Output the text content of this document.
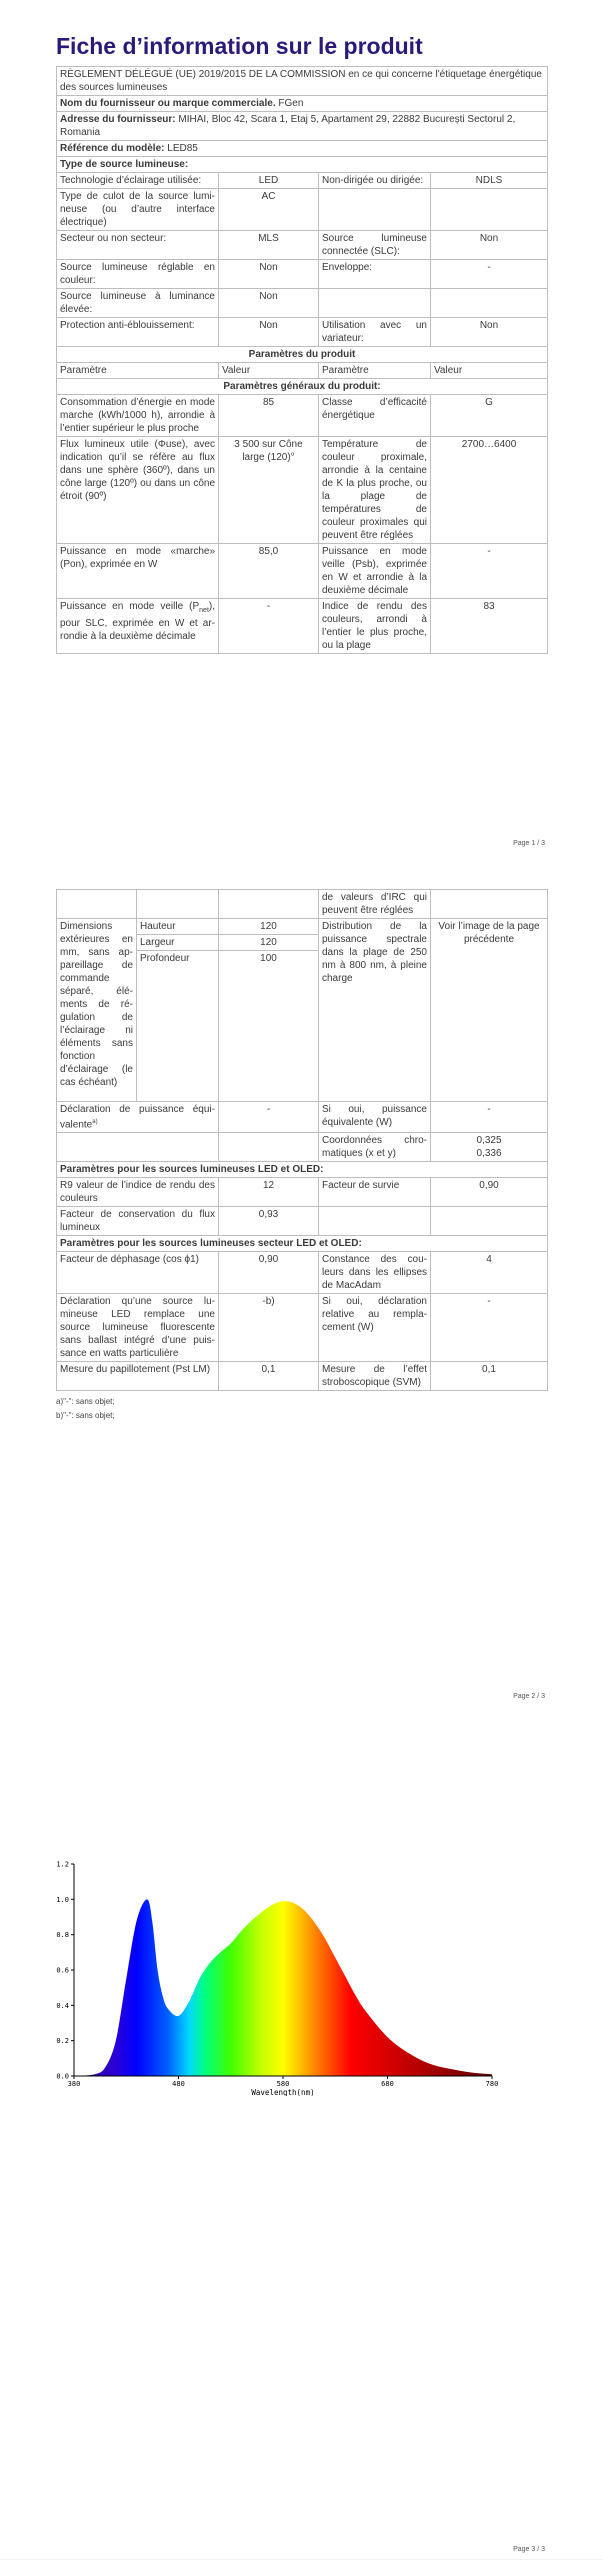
Fiche d’information sur le produit
RÈGLEMENT DÉLÉGUÉ (UE) 2019/2015 DE LA COMMISSION en ce qui concerne l'étiquetage énergétique des sources lumineuses			
Nom du fournisseur ou marque commerciale. FGen			
Adresse du fournisseur: MIHAI, Bloc 42, Scara 1, Etaj 5, Apartament 29, 22882 București Sectorul 2, Romania			
Référence du modèle: LED85			
Type de source lumineuse:			
Technologie d’éclairage utilisée:	LED	Non-dirigée ou dirigée:	NDLS
Type de culot de la source lumineuse (ou d’autre interface électrique)	AC		
Secteur ou non secteur:	MLS	Source lumineuse connectée (SLC):	Non
Source lumineuse réglable en couleur:	Non	Enveloppe:	-
Source lumineuse à luminance élevée:	Non		
Protection anti-éblouissement:	Non	Utilisation avec un variateur:	Non
Paramètres du produit			
Paramètre	Valeur	Paramètre	Valeur
Paramètres généraux du produit:			
Consommation d’énergie en mode marche (kWh/1000 h), arrondie à l’entier supérieur le plus proche	85	Classe d’efficacité énergétique	G
Flux lumineux utile (Φuse), avec indication qu’il se réfère au flux dans une sphère (360º), dans un cône large (120º) ou dans un cône étroit (90º)	3 500 sur Cône large (120)°	Température de couleur proximale, arrondie à la centaine de K la plus proche, ou la plage de températures de couleur proximales qui peuvent être réglées	2700…6400
Puissance en mode «marche» (Pon), exprimée en W	85,0	Puissance en mode veille (Psb), exprimée en W et arrondie à la deuxième décimale	-
Puissance en mode veille $(P_{net})$, pour SLC, exprimée en W et arrondie à la deuxième décimale	-	Indice de rendu des couleurs, arrondi à l’entier le plus proche, ou la plage	83
Page 1 / 3
			de valeurs d’IRC qui peuvent être réglées	
Dimensions extérieures en mm, sans appareillage de commande séparé, éléments de régulation de l’éclairage ni éléments sans fonction d’éclairage (le cas échéant)	Hauteur	120	Distribution de la puissance spectrale dans la plage de 250 nm à 800 nm, à pleine charge	Voir l’image de la page précédente
	Largeur	120		
	Profondeur	100		
Déclaration de puissance équivalente$^{a)}$		-	Si oui, puissance équivalente (W)	-
			Coordonnées chromatiques (x et y)	0,325
0,336
Paramètres pour les sources lumineuses LED et OLED:				
R9 valeur de l’indice de rendu des couleurs		12	Facteur de survie	0,90
Facteur de conservation du flux lumineux		0,93		
Paramètres pour les sources lumineuses secteur LED et OLED:				
Facteur de déphasage (cos ϕ1)		0,90	Constance des couleurs dans les ellipses de MacAdam	4
Déclaration qu’une source lumineuse LED remplace une source lumineuse fluorescente sans ballast intégré d’une puissance en watts particulière		-b)	Si oui, déclaration relative au remplacement (W)	-
Mesure du papillotement (Pst LM)		0,1	Mesure de l’effet stroboscopique (SVM)	0,1
a)"-": sans objet;
b)"-": sans objet;
Page 2 / 3
0.0
0.2
0.4
0.6
0.8
1.0
1.2
380	480	580	680	780
Wavelength(nm)
Page 3 / 3
